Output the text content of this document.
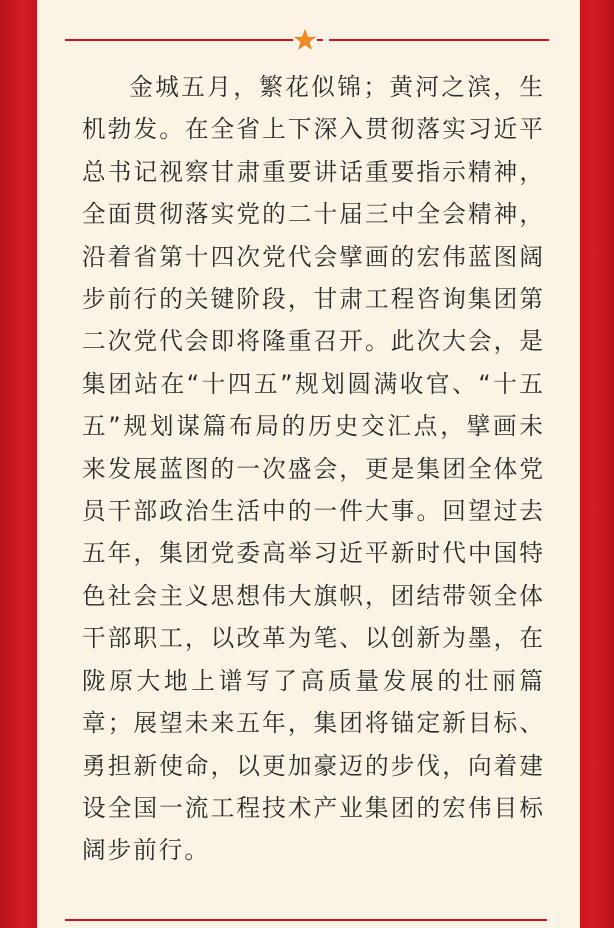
金城五月，繁花似锦；黄河之滨，生机勃发。在全省上下深入贯彻落实习近平总书记视察甘肃重要讲话重要指示精神，全面贯彻落实党的二十届三中全会精神，沿着省第十四次党代会擘画的宏伟蓝图阔步前行的关键阶段，甘肃工程咨询集团第二次党代会即将隆重召开。此次大会，是集团站在“十四五”规划圆满收官、“十五五”规划谋篇布局的历史交汇点，擘画未来发展蓝图的一次盛会，更是集团全体党员干部政治生活中的一件大事。回望过去五年，集团党委高举习近平新时代中国特色社会主义思想伟大旗帜，团结带领全体干部职工，以改革为笔、以创新为墨，在陇原大地上谱写了高质量发展的壮丽篇章；展望未来五年，集团将锚定新目标、勇担新使命，以更加豪迈的步伐，向着建设全国一流工程技术产业集团的宏伟目标阔步前行。
